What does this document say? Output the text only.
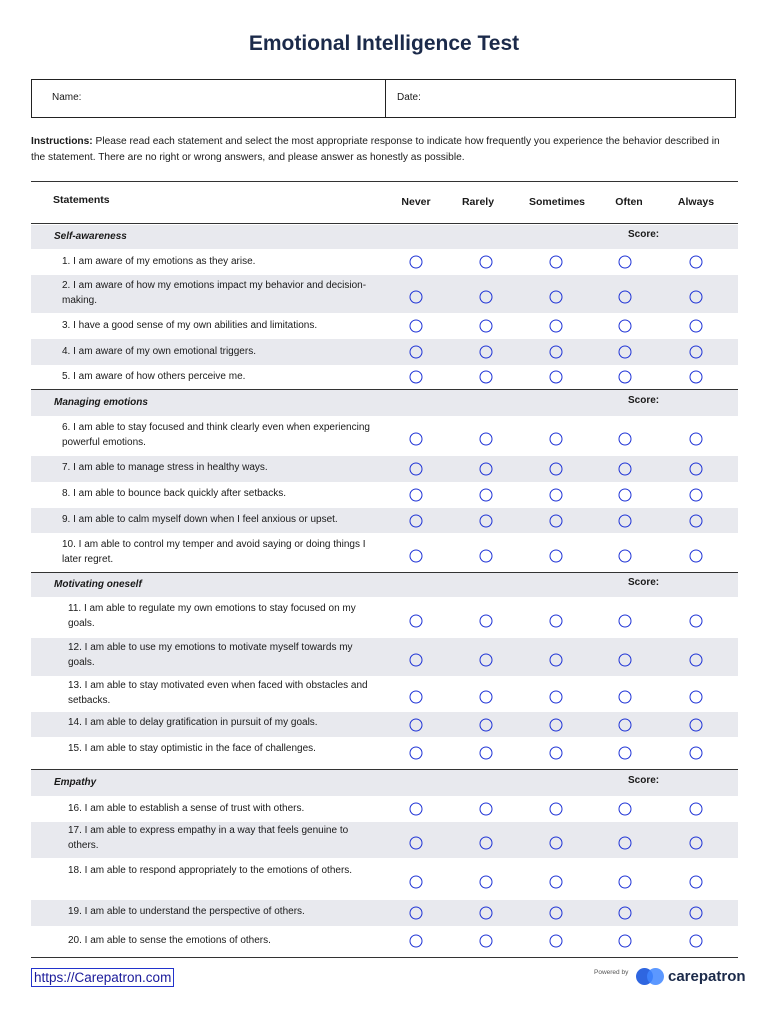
Emotional Intelligence Test
Name:	Date:
Instructions: Please read each statement and select the most appropriate response to indicate how frequently you experience the behavior described in the statement. There are no right or wrong answers, and please answer as honestly as possible.
Statements	Never	Rarely	Sometimes	Often	Always
Self-awareness	Score:
1. I am aware of my emotions as they arise.
2. I am aware of how my emotions impact my behavior and decision-making.
3. I have a good sense of my own abilities and limitations.
4. I am aware of my own emotional triggers.
5. I am aware of how others perceive me.
Managing emotions	Score:
6. I am able to stay focused and think clearly even when experiencing powerful emotions.
7. I am able to manage stress in healthy ways.
8. I am able to bounce back quickly after setbacks.
9. I am able to calm myself down when I feel anxious or upset.
10. I am able to control my temper and avoid saying or doing things I later regret.
Motivating oneself	Score:
11. I am able to regulate my own emotions to stay focused on my goals.
12. I am able to use my emotions to motivate myself towards my goals.
13. I am able to stay motivated even when faced with obstacles and setbacks.
14. I am able to delay gratification in pursuit of my goals.
15. I am able to stay optimistic in the face of challenges.
Empathy	Score:
16. I am able to establish a sense of trust with others.
17. I am able to express empathy in a way that feels genuine to others.
18. I am able to respond appropriately to the emotions of others.
19. I am able to understand the perspective of others.
20. I am able to sense the emotions of others.
https://Carepatron.com	Powered by	carepatron
